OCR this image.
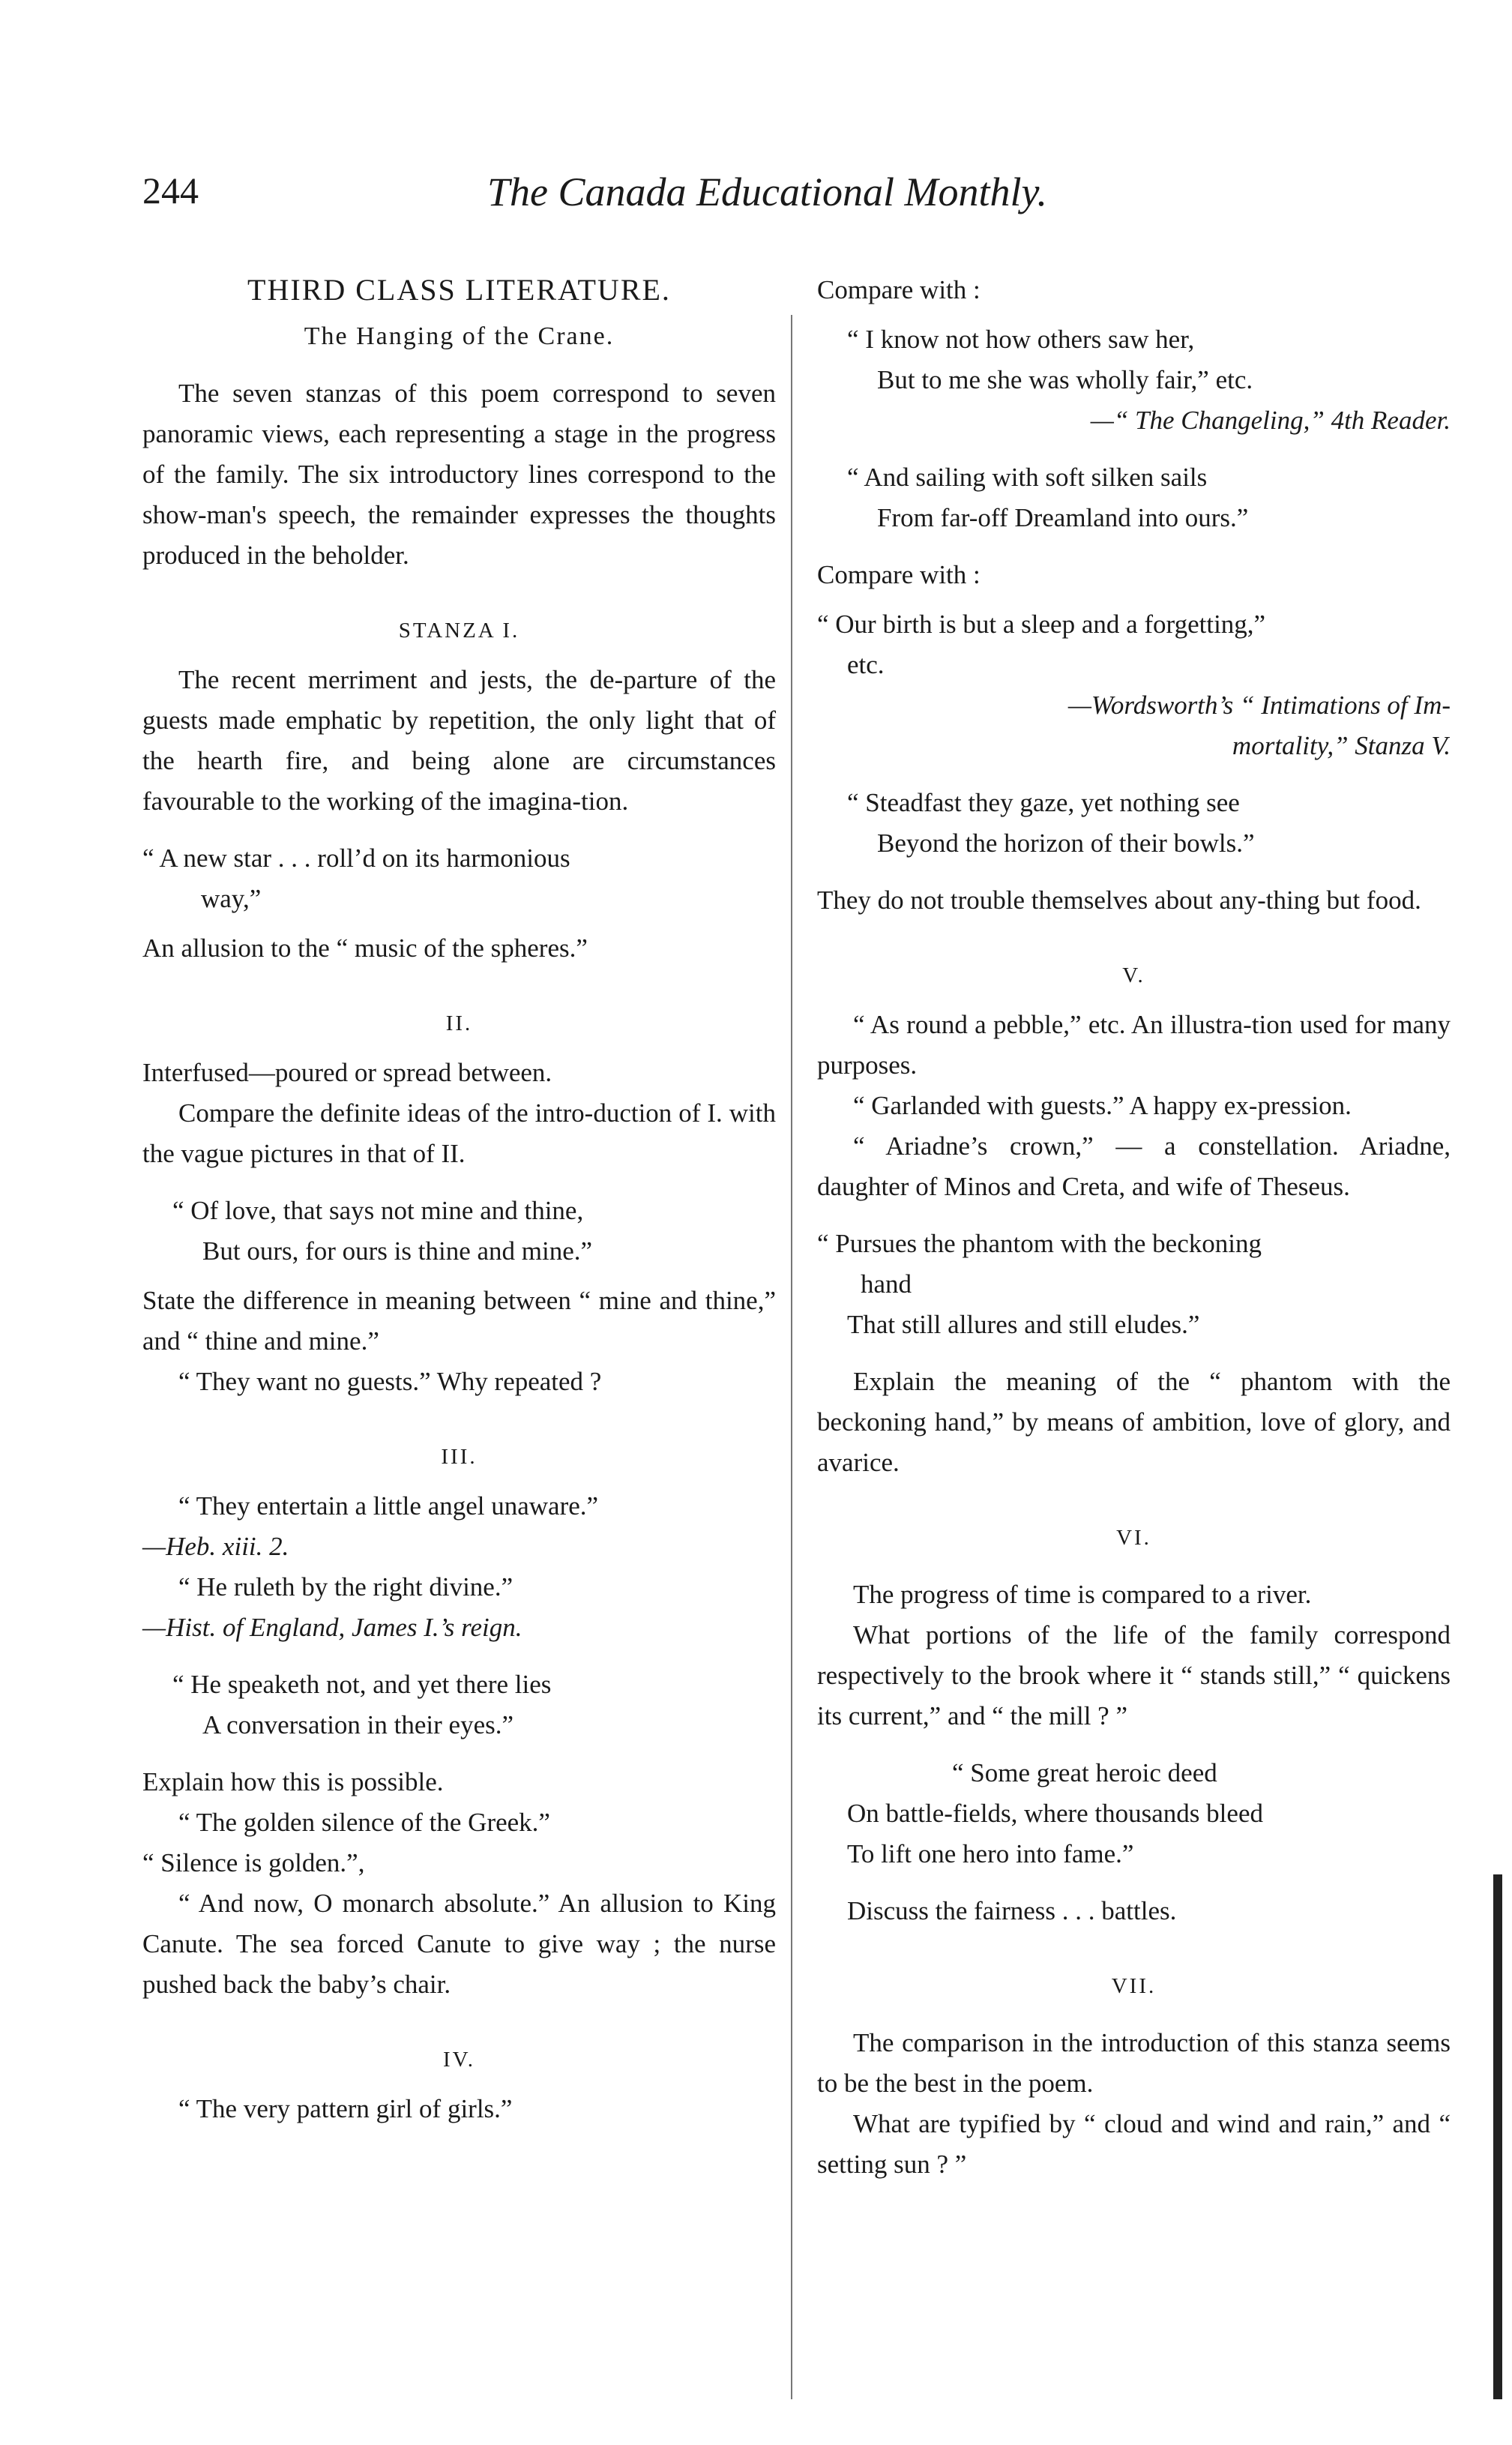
244	The Canada Educational Monthly.
THIRD CLASS LITERATURE.
The Hanging of the Crane.

The seven stanzas of this poem correspond to seven panoramic views, each representing a stage in the progress of the family. The six introductory lines correspond to the show-man's speech, the remainder expresses the thoughts produced in the beholder.

STANZA I.

The recent merriment and jests, the de-parture of the guests made emphatic by repetition, the only light that of the hearth fire, and being alone are circumstances favourable to the working of the imagina-tion.

“ A new star . . . roll’d on its harmonious

way,”

An allusion to the “ music of the spheres.”

II.

Interfused—poured or spread between.

Compare the definite ideas of the intro-duction of I. with the vague pictures in that of II.

“ Of love, that says not mine and thine,

But ours, for ours is thine and mine.”

State the difference in meaning between “ mine and thine,” and “ thine and mine.”

“ They want no guests.” Why repeated ?

III.

“ They entertain a little angel unaware.”

—Heb. xiii. 2.

“ He ruleth by the right divine.”

—Hist. of England, James I.’s reign.

“ He speaketh not, and yet there lies

A conversation in their eyes.”

Explain how this is possible.

“ The golden silence of the Greek.”

“ Silence is golden.”,

“ And now, O monarch absolute.” An allusion to King Canute. The sea forced Canute to give way ; the nurse pushed back the baby’s chair.

IV.

“ The very pattern girl of girls.”

Compare with :

“ I know not how others saw her,

But to me she was wholly fair,” etc.

—“ The Changeling,” 4th Reader.

“ And sailing with soft silken sails

From far-off Dreamland into ours.”

Compare with :

“ Our birth is but a sleep and a forgetting,”

etc.

—Wordsworth’s “ Intimations of Im-

mortality,” Stanza V.

“ Steadfast they gaze, yet nothing see

Beyond the horizon of their bowls.”

They do not trouble themselves about any-thing but food.

V.

“ As round a pebble,” etc. An illustra-tion used for many purposes.

“ Garlanded with guests.” A happy ex-pression.

“ Ariadne’s crown,” — a constellation. Ariadne, daughter of Minos and Creta, and wife of Theseus.

“ Pursues the phantom with the beckoning

hand

That still allures and still eludes.”

Explain the meaning of the “ phantom with the beckoning hand,” by means of ambition, love of glory, and avarice.

VI.

The progress of time is compared to a river.

What portions of the life of the family correspond respectively to the brook where it “ stands still,” “ quickens its current,” and “ the mill ? ”

“ Some great heroic deed

On battle-fields, where thousands bleed

To lift one hero into fame.”

Discuss the fairness . . . battles.

VII.

The comparison in the introduction of this stanza seems to be the best in the poem.

What are typified by “ cloud and wind and rain,” and “ setting sun ? ”
